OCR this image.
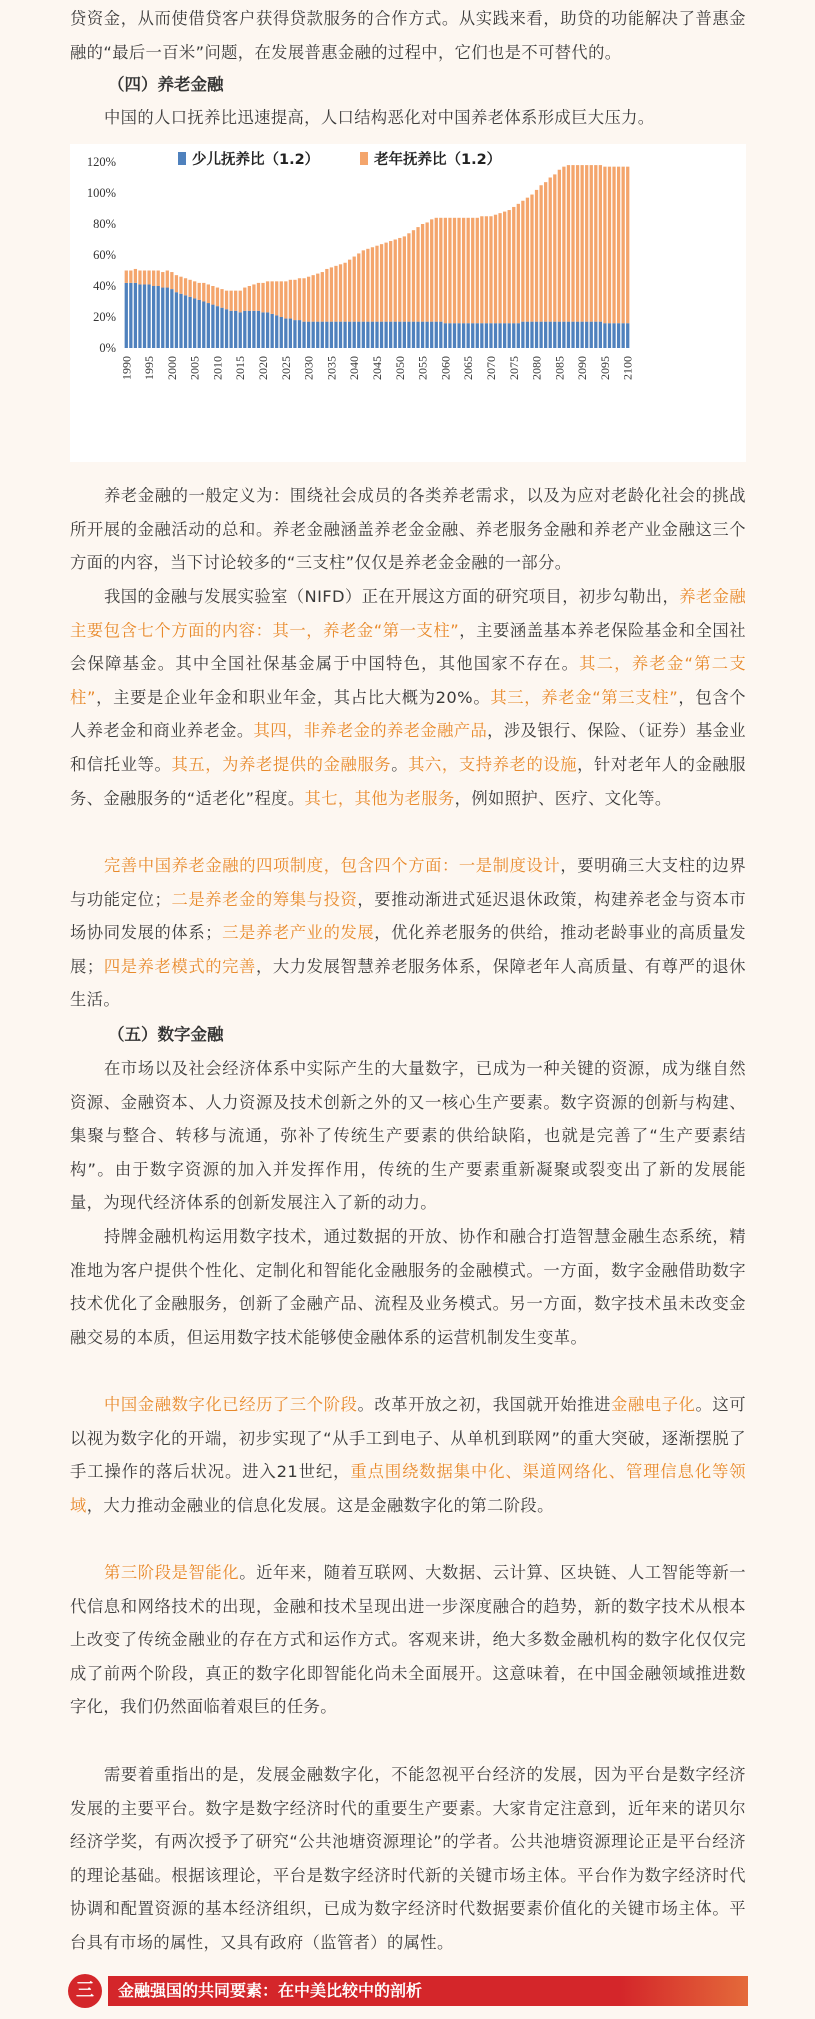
贷资金，从而使借贷客户获得贷款服务的合作方式。从实践来看，助贷的功能解决了普惠金融的“最后一百米”问题，在发展普惠金融的过程中，它们也是不可替代的。

（四）养老金融

中国的人口抚养比迅速提高，人口结构恶化对中国养老体系形成巨大压力。

0%
20%
40%
60%
80%
100%
120%
1990 1995 2000 2005 2010 2015 2020 2025 2030 2035 2040 2045 2050 2055 2060 2065 2070 2075 2080 2085 2090 2095 2100
少儿抚养比（1.2）	老年抚养比（1.2）

养老金融的一般定义为：围绕社会成员的各类养老需求，以及为应对老龄化社会的挑战所开展的金融活动的总和。养老金融涵盖养老金金融、养老服务金融和养老产业金融这三个方面的内容，当下讨论较多的“三支柱”仅仅是养老金金融的一部分。

我国的金融与发展实验室（NIFD）正在开展这方面的研究项目，初步勾勒出，养老金融主要包含七个方面的内容：其一，养老金“第一支柱”，主要涵盖基本养老保险基金和全国社会保障基金。其中全国社保基金属于中国特色，其他国家不存在。其二，养老金“第二支柱”，主要是企业年金和职业年金，其占比大概为20%。其三，养老金“第三支柱”，包含个人养老金和商业养老金。其四，非养老金的养老金融产品，涉及银行、保险、（证券）基金业和信托业等。其五，为养老提供的金融服务。其六，支持养老的设施，针对老年人的金融服务、金融服务的“适老化”程度。其七，其他为老服务，例如照护、医疗、文化等。

完善中国养老金融的四项制度，包含四个方面：一是制度设计，要明确三大支柱的边界与功能定位；二是养老金的筹集与投资，要推动渐进式延迟退休政策，构建养老金与资本市场协同发展的体系；三是养老产业的发展，优化养老服务的供给，推动老龄事业的高质量发展；四是养老模式的完善，大力发展智慧养老服务体系，保障老年人高质量、有尊严的退休生活。

（五）数字金融

在市场以及社会经济体系中实际产生的大量数字，已成为一种关键的资源，成为继自然资源、金融资本、人力资源及技术创新之外的又一核心生产要素。数字资源的创新与构建、集聚与整合、转移与流通，弥补了传统生产要素的供给缺陷，也就是完善了“生产要素结构”。由于数字资源的加入并发挥作用，传统的生产要素重新凝聚或裂变出了新的发展能量，为现代经济体系的创新发展注入了新的动力。

持牌金融机构运用数字技术，通过数据的开放、协作和融合打造智慧金融生态系统，精准地为客户提供个性化、定制化和智能化金融服务的金融模式。一方面，数字金融借助数字技术优化了金融服务，创新了金融产品、流程及业务模式。另一方面，数字技术虽未改变金融交易的本质，但运用数字技术能够使金融体系的运营机制发生变革。

中国金融数字化已经历了三个阶段。改革开放之初，我国就开始推进金融电子化。这可以视为数字化的开端，初步实现了“从手工到电子、从单机到联网”的重大突破，逐渐摆脱了手工操作的落后状况。进入21世纪，重点围绕数据集中化、渠道网络化、管理信息化等领域，大力推动金融业的信息化发展。这是金融数字化的第二阶段。

第三阶段是智能化。近年来，随着互联网、大数据、云计算、区块链、人工智能等新一代信息和网络技术的出现，金融和技术呈现出进一步深度融合的趋势，新的数字技术从根本上改变了传统金融业的存在方式和运作方式。客观来讲，绝大多数金融机构的数字化仅仅完成了前两个阶段，真正的数字化即智能化尚未全面展开。这意味着，在中国金融领域推进数字化，我们仍然面临着艰巨的任务。

需要着重指出的是，发展金融数字化，不能忽视平台经济的发展，因为平台是数字经济发展的主要平台。数字是数字经济时代的重要生产要素。大家肯定注意到，近年来的诺贝尔经济学奖，有两次授予了研究“公共池塘资源理论”的学者。公共池塘资源理论正是平台经济的理论基础。根据该理论，平台是数字经济时代新的关键市场主体。平台作为数字经济时代协调和配置资源的基本经济组织，已成为数字经济时代数据要素价值化的关键市场主体。平台具有市场的属性，又具有政府（监管者）的属性。

三	金融强国的共同要素：在中美比较中的剖析
